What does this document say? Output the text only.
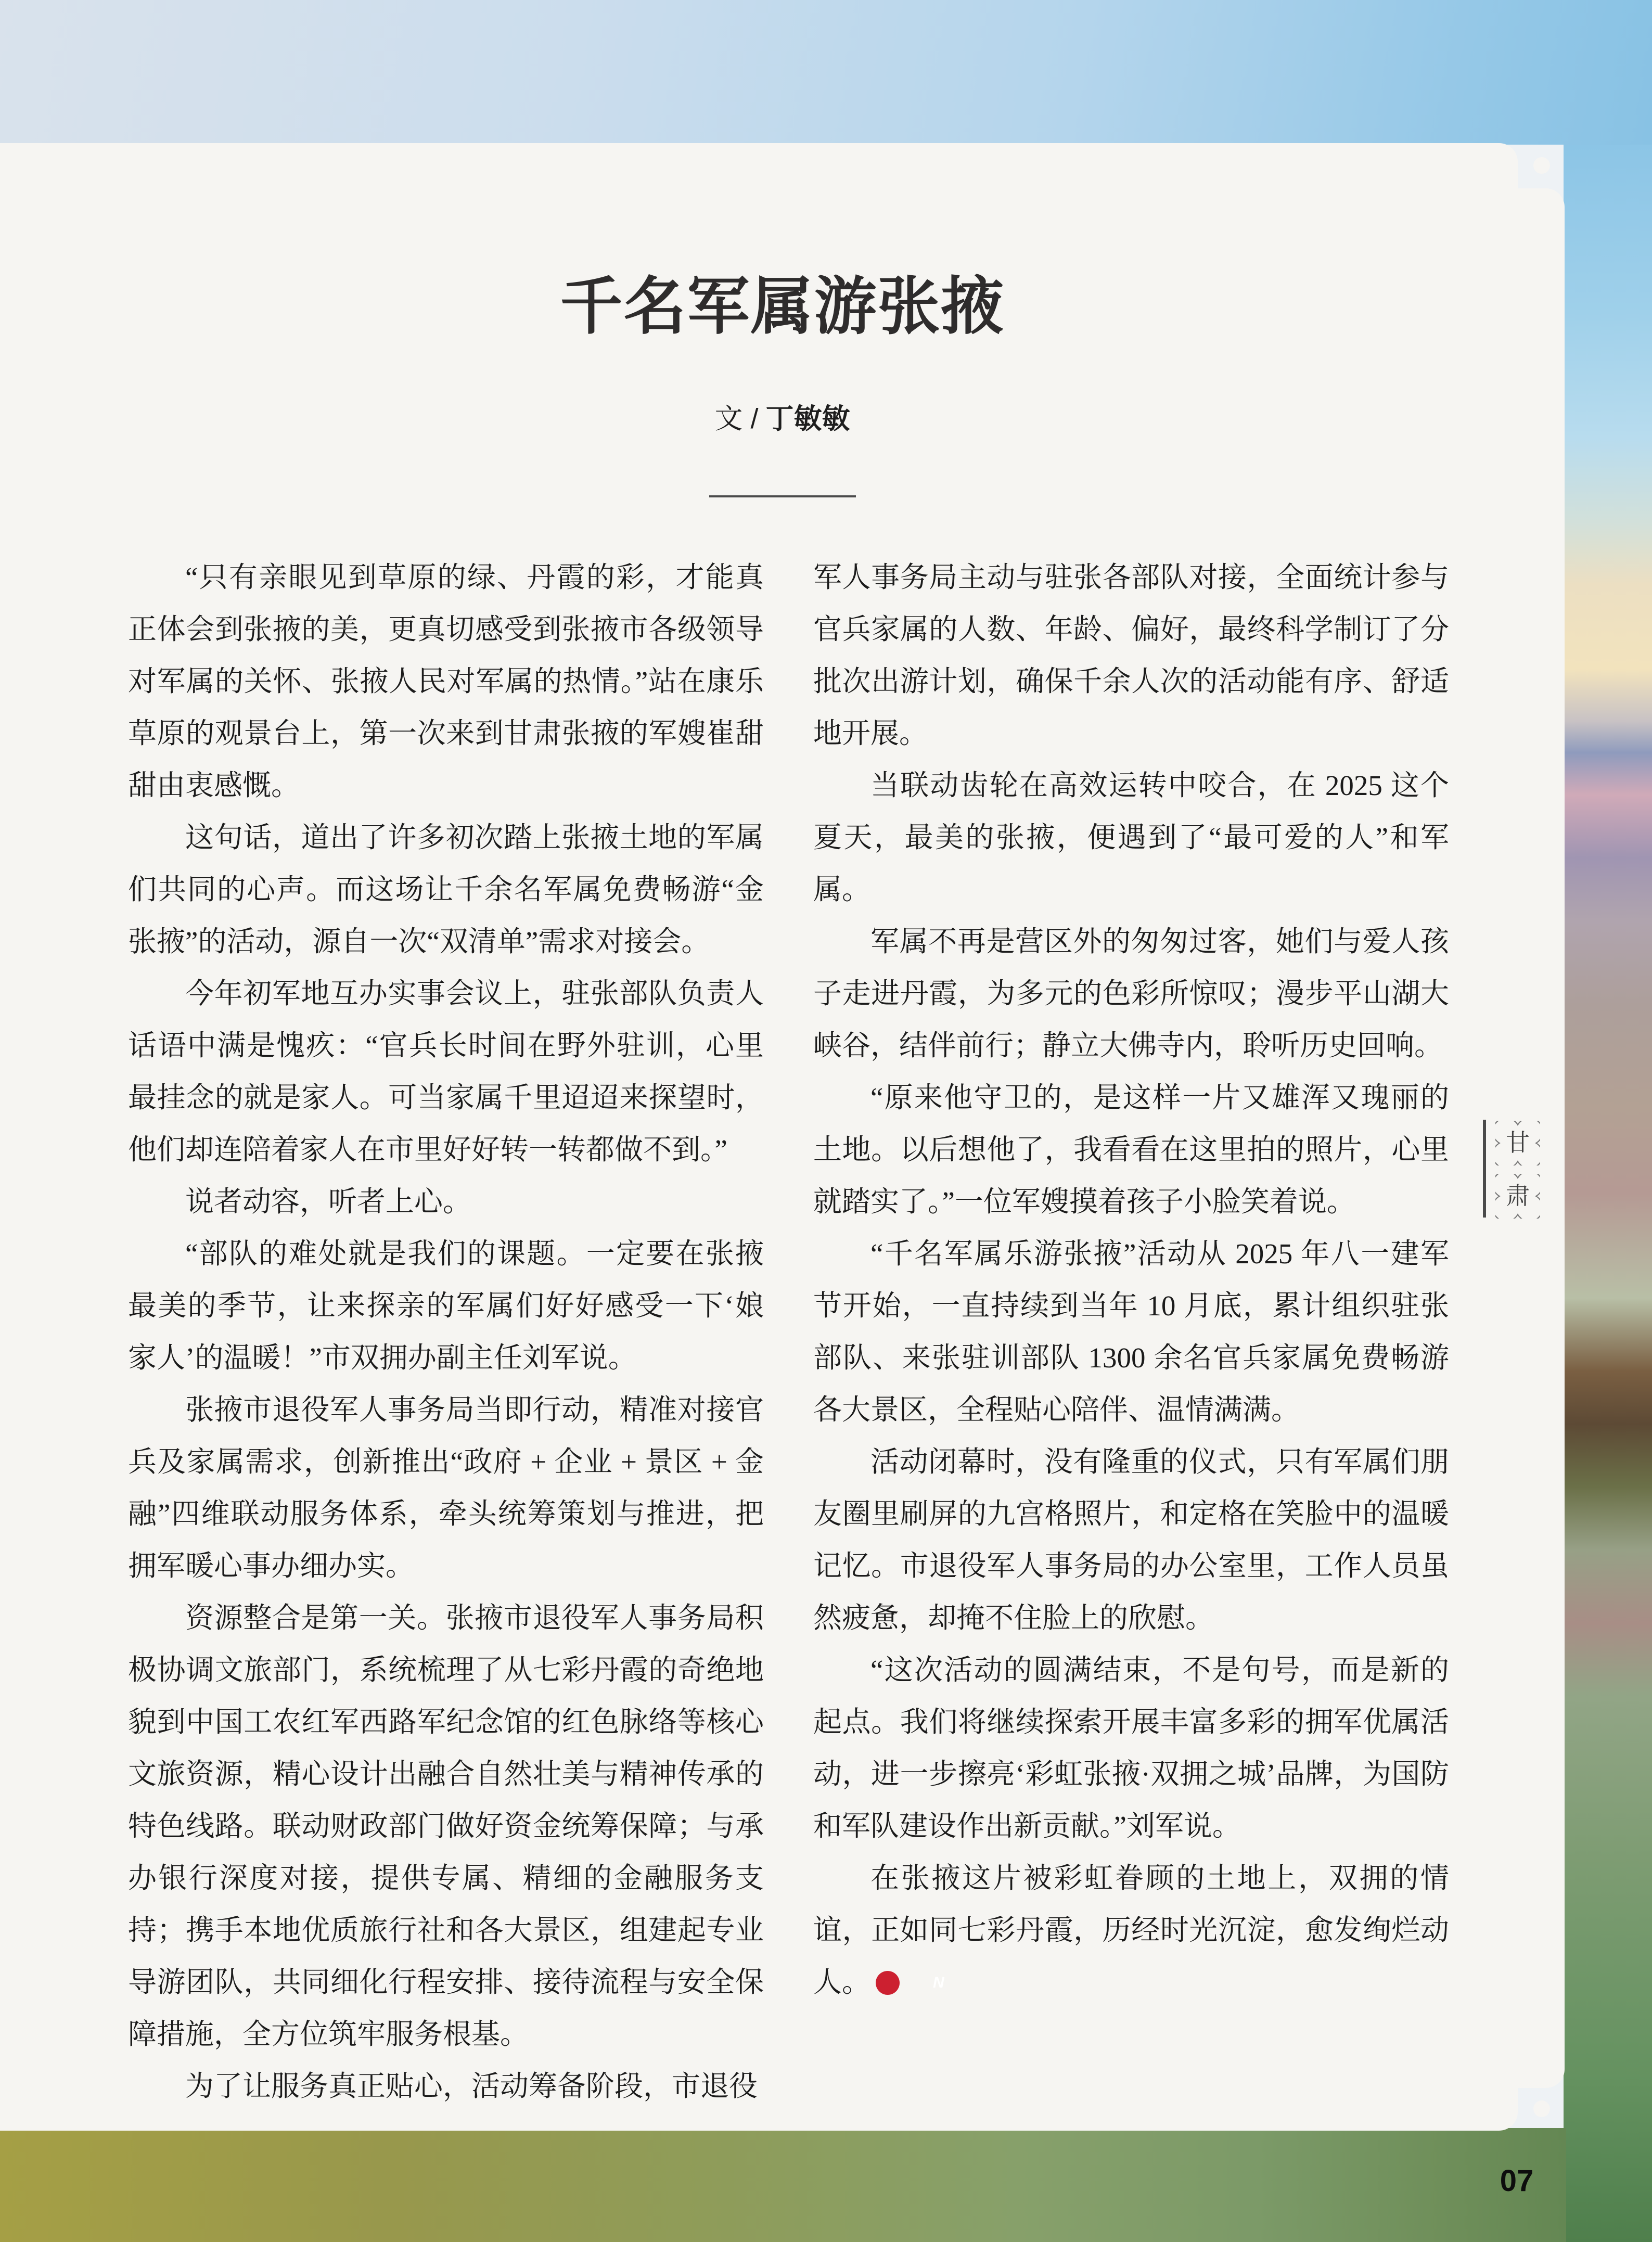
千名军属游张掖
文 / 丁敏敏

“只有亲眼见到草原的绿、丹霞的彩，才能真正体会到张掖的美，更真切感受到张掖市各级领导对军属的关怀、张掖人民对军属的热情。”站在康乐草原的观景台上，第一次来到甘肃张掖的军嫂崔甜甜由衷感慨。

这句话，道出了许多初次踏上张掖土地的军属们共同的心声。而这场让千余名军属免费畅游“金张掖”的活动，源自一次“双清单”需求对接会。

今年初军地互办实事会议上，驻张部队负责人话语中满是愧疚：“官兵长时间在野外驻训，心里最挂念的就是家人。可当家属千里迢迢来探望时，他们却连陪着家人在市里好好转一转都做不到。”

说者动容，听者上心。

“部队的难处就是我们的课题。一定要在张掖最美的季节，让来探亲的军属们好好感受一下‘娘家人’的温暖！”市双拥办副主任刘军说。

张掖市退役军人事务局当即行动，精准对接官兵及家属需求，创新推出“政府 + 企业 + 景区 + 金融”四维联动服务体系，牵头统筹策划与推进，把拥军暖心事办细办实。

资源整合是第一关。张掖市退役军人事务局积极协调文旅部门，系统梳理了从七彩丹霞的奇绝地貌到中国工农红军西路军纪念馆的红色脉络等核心文旅资源，精心设计出融合自然壮美与精神传承的特色线路。联动财政部门做好资金统筹保障；与承办银行深度对接，提供专属、精细的金融服务支持；携手本地优质旅行社和各大景区，组建起专业导游团队，共同细化行程安排、接待流程与安全保障措施，全方位筑牢服务根基。

为了让服务真正贴心，活动筹备阶段，市退役

军人事务局主动与驻张各部队对接，全面统计参与官兵家属的人数、年龄、偏好，最终科学制订了分批次出游计划，确保千余人次的活动能有序、舒适地开展。

当联动齿轮在高效运转中咬合，在 2025 这个夏天，最美的张掖，便遇到了“最可爱的人”和军属。

军属不再是营区外的匆匆过客，她们与爱人孩子走进丹霞，为多元的色彩所惊叹；漫步平山湖大峡谷，结伴前行；静立大佛寺内，聆听历史回响。

“原来他守卫的，是这样一片又雄浑又瑰丽的土地。以后想他了，我看看在这里拍的照片，心里就踏实了。”一位军嫂摸着孩子小脸笑着说。

“千名军属乐游张掖”活动从 2025 年八一建军节开始，一直持续到当年 10 月底，累计组织驻张部队、来张驻训部队 1300 余名官兵家属免费畅游各大景区，全程贴心陪伴、温情满满。

活动闭幕时，没有隆重的仪式，只有军属们朋友圈里刷屏的九宫格照片，和定格在笑脸中的温暖记忆。市退役军人事务局的办公室里，工作人员虽然疲惫，却掩不住脸上的欣慰。

“这次活动的圆满结束，不是句号，而是新的起点。我们将继续探索开展丰富多彩的拥军优属活动，进一步擦亮‘彩虹张掖·双拥之城’品牌，为国防和军队建设作出新贡献。”刘军说。

在张掖这片被彩虹眷顾的土地上，双拥的情谊，正如同七彩丹霞，历经时光沉淀，愈发绚烂动人。	N

甘
肃
07
